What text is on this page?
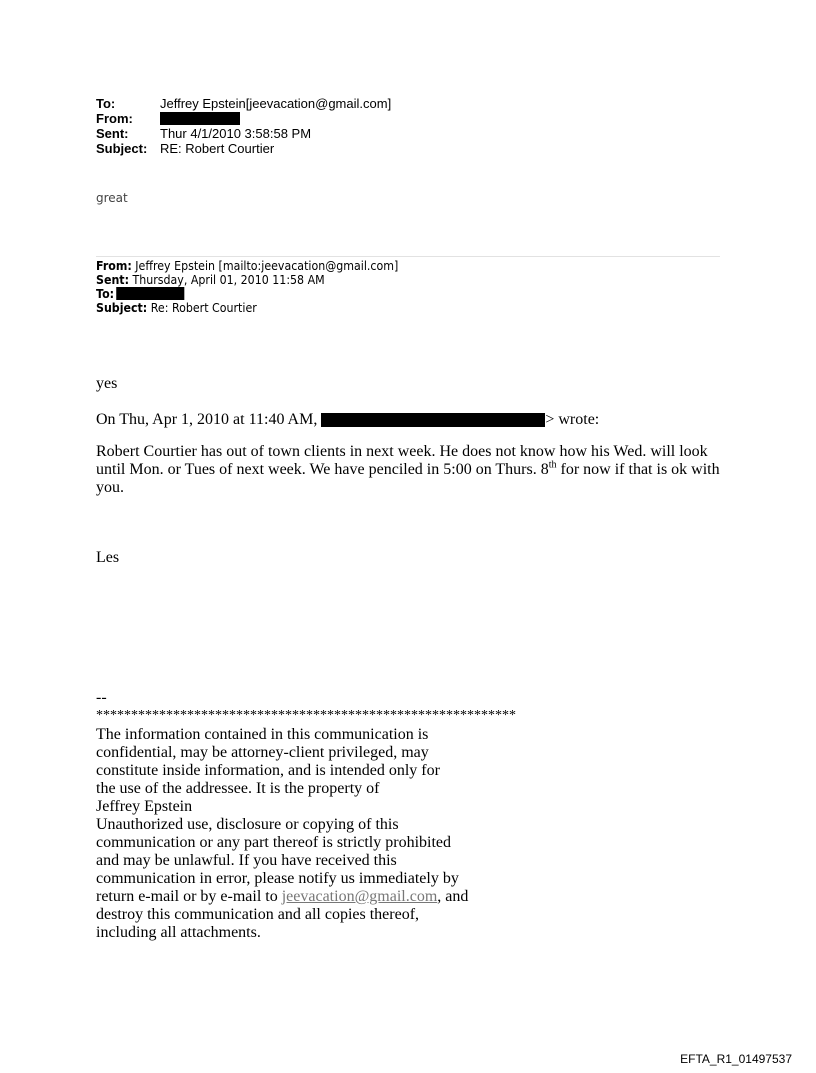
To:	Jeffrey Epstein[jeevacation@gmail.com]
From:
Sent:	Thur 4/1/2010 3:58:58 PM
Subject: RE: Robert Courtier
great
From: Jeffrey Epstein [mailto:jeevacation@gmail.com]
Sent: Thursday, April 01, 2010 11:58 AM
To:
Subject: Re: Robert Courtier
yes
On Thu, Apr 1, 2010 at 11:40 AM,	> wrote:
Robert Courtier has out of town clients in next week. He does not know how his Wed. will look until Mon. or Tues of next week. We have penciled in 5:00 on Thurs. 8th for now if that is ok with you.
Les
--
************************************************************
The information contained in this communication is
confidential, may be attorney-client privileged, may
constitute inside information, and is intended only for
the use of the addressee. It is the property of
Jeffrey Epstein
Unauthorized use, disclosure or copying of this
communication or any part thereof is strictly prohibited
and may be unlawful. If you have received this
communication in error, please notify us immediately by
return e-mail or by e-mail to jeevacation@gmail.com, and
destroy this communication and all copies thereof,
including all attachments.
EFTA_R1_01497537
